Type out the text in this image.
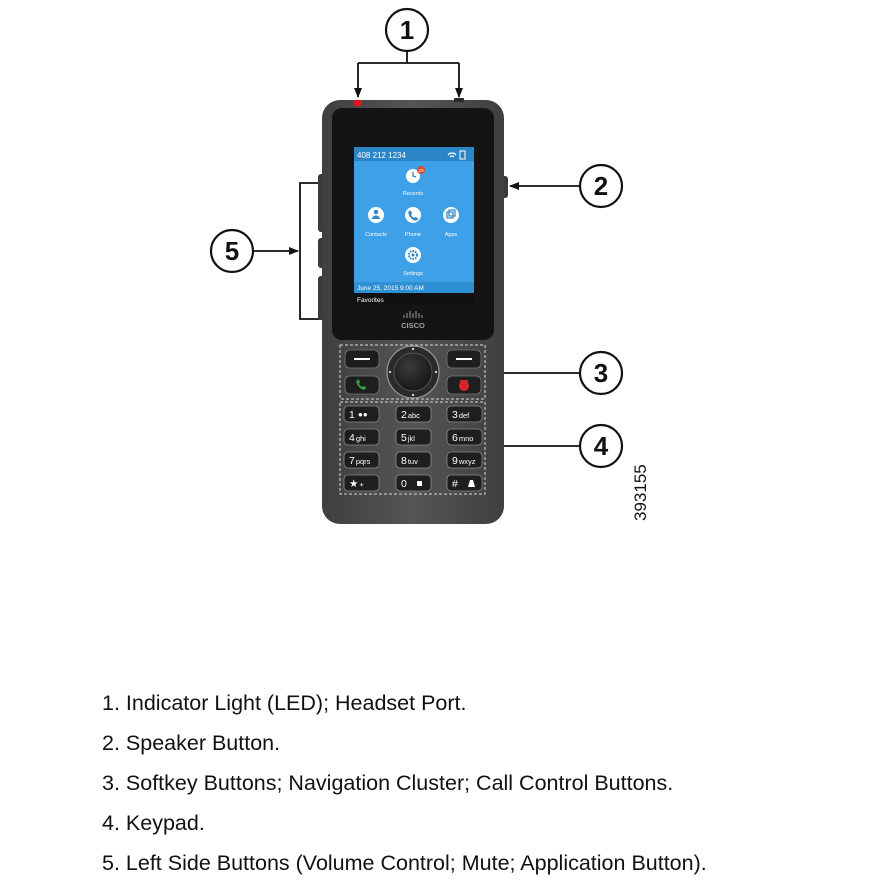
1
2
3
4
5
408 212 1234
20
Recents
Contacts	Phone	Apps
Settings
June 25, 2015 9:00 AM
Favorites
CISCO
1 ●●	2abc	3def
4ghi	5jkl	6mno
7pqrs	8tuv	9wxyz
★+	0	#	393155
1. Indicator Light (LED); Headset Port.
2. Speaker Button.
3. Softkey Buttons; Navigation Cluster; Call Control Buttons.
4. Keypad.
5. Left Side Buttons (Volume Control; Mute; Application Button).
